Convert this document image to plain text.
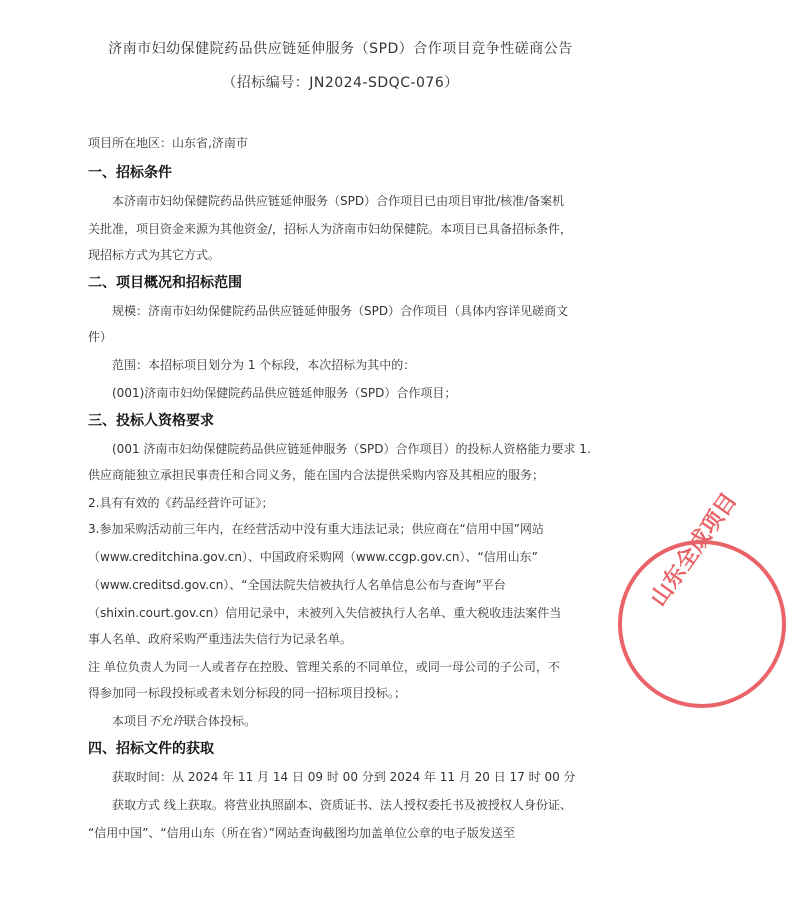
济南市妇幼保健院药品供应链延伸服务（SPD）合作项目竞争性磋商公告
（招标编号：JN2024-SDQC-076）
项目所在地区：山东省,济南市
一、招标条件
本济南市妇幼保健院药品供应链延伸服务（SPD）合作项目已由项目审批/核准/备案机
关批准，项目资金来源为其他资金/，招标人为济南市妇幼保健院。本项目已具备招标条件，
现招标方式为其它方式。
二、项目概况和招标范围
规模：济南市妇幼保健院药品供应链延伸服务（SPD）合作项目（具体内容详见磋商文
件）
范围：本招标项目划分为 1 个标段，本次招标为其中的：
(001)济南市妇幼保健院药品供应链延伸服务（SPD）合作项目；
三、投标人资格要求
(001 济南市妇幼保健院药品供应链延伸服务（SPD）合作项目）的投标人资格能力要求 1.
供应商能独立承担民事责任和合同义务，能在国内合法提供采购内容及其相应的服务；
2.具有有效的《药品经营许可证》；
3.参加采购活动前三年内，在经营活动中没有重大违法记录；供应商在“信用中国”网站
（www.creditchina.gov.cn）、中国政府采购网（www.ccgp.gov.cn）、“信用山东”
（www.creditsd.gov.cn）、“全国法院失信被执行人名单信息公布与查询”平台
（shixin.court.gov.cn）信用记录中，未被列入失信被执行人名单、重大税收违法案件当
事人名单、政府采购严重违法失信行为记录名单。
注 单位负责人为同一人或者存在控股、管理关系的不同单位，或同一母公司的子公司，不
得参加同一标段投标或者未划分标段的同一招标项目投标。；
本项目不允许联合体投标。
四、招标文件的获取
获取时间：从 2024 年 11 月 14 日 09 时 00 分到 2024 年 11 月 20 日 17 时 00 分
获取方式 线上获取。将营业执照副本、资质证书、法人授权委托书及被授权人身份证、
“信用中国”、“信用山东（所在省）”网站查询截图均加盖单位公章的电子版发送至
山东全成项目
